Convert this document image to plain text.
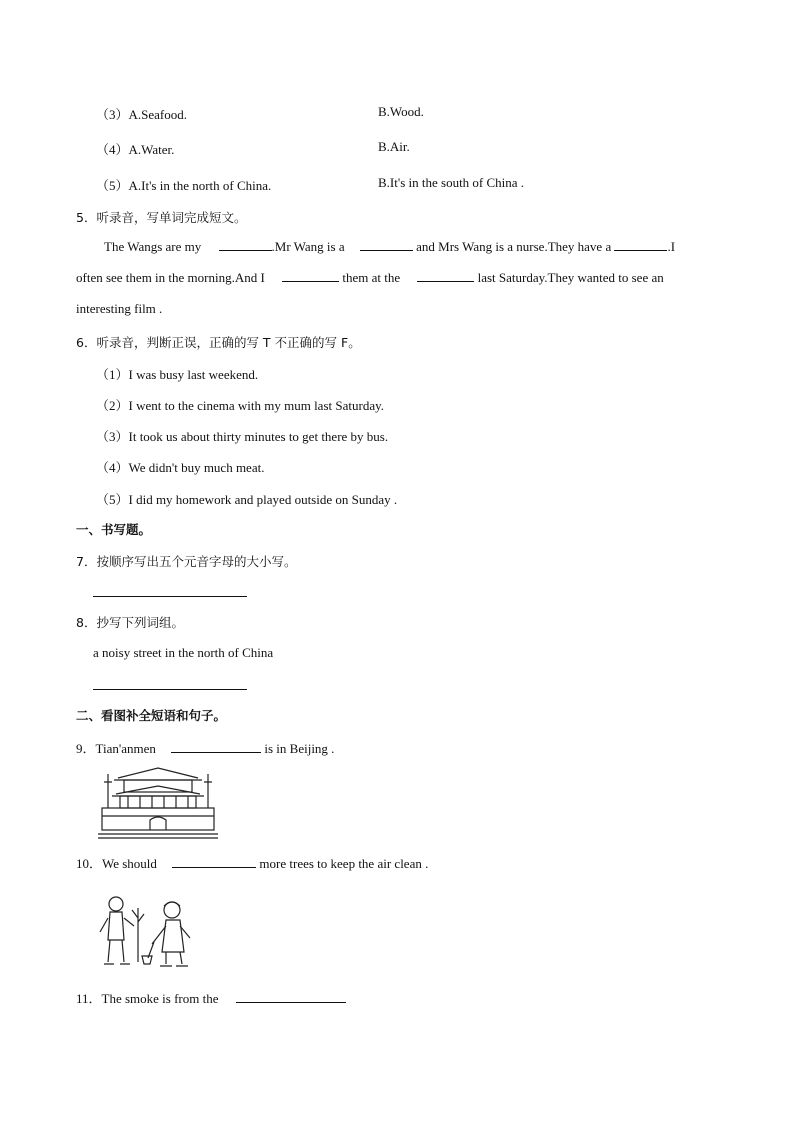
（3）A.Seafood.	B.Wood.
（4）A.Water.	B.Air.
（5）A.It's in the north of China.	B.It's in the south of China .
5．听录音，写单词完成短文。
The Wangs are my	.Mr Wang is a	and Mrs Wang is a nurse.They have a	.I
often see them in the morning.And I	them at the	last Saturday.They wanted to see an
interesting film .
6．听录音，判断正误，正确的写 T 不正确的写 F。
（1）I was busy last weekend.
（2）I went to the cinema with my mum last Saturday.
（3）It took us about thirty minutes to get there by bus.
（4）We didn't buy much meat.
（5）I did my homework and played outside on Sunday .
一、书写题。
7．按顺序写出五个元音字母的大小写。
8．抄写下列词组。
a noisy street in the north of China
二、看图补全短语和句子。
9．Tian'anmen	is in Beijing .
10．We should	more trees to keep the air clean .
11．The smoke is from the
